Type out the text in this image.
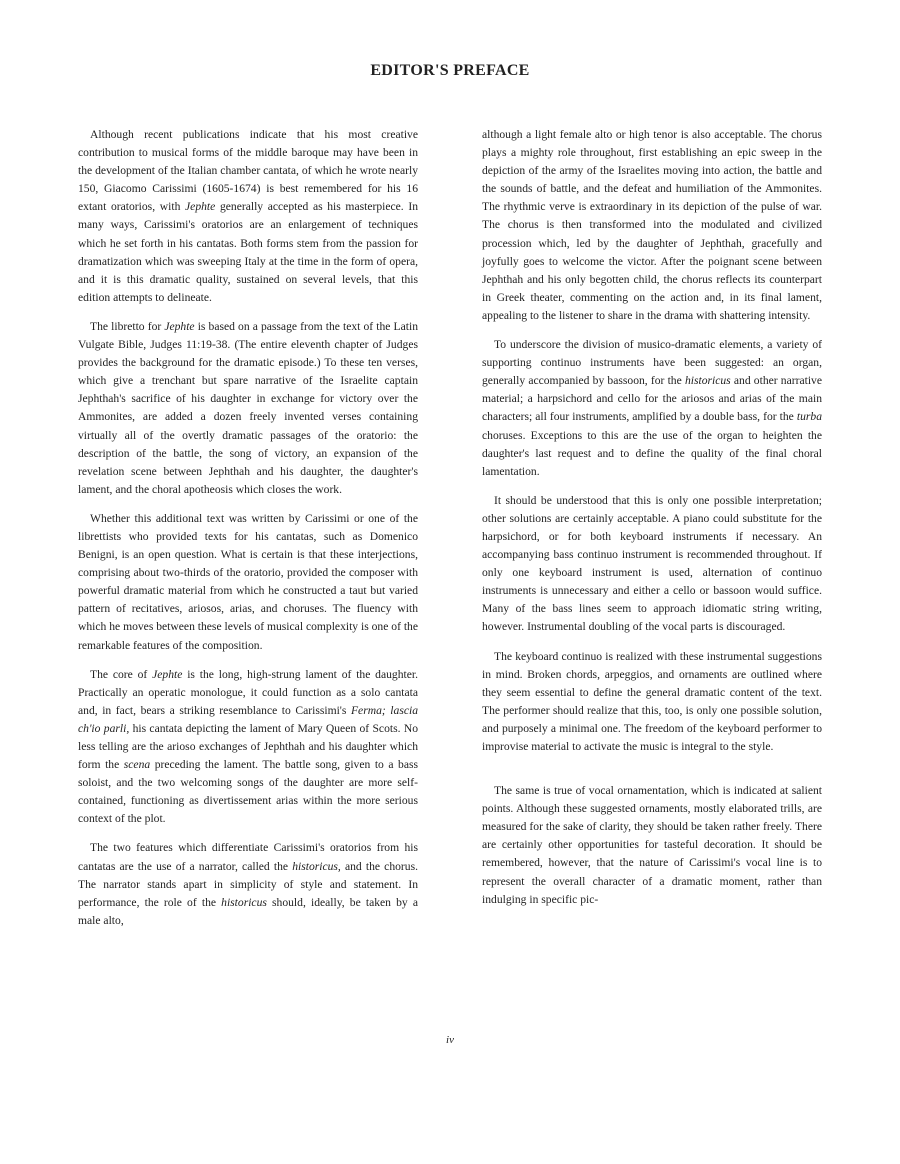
EDITOR'S PREFACE

Although recent publications indicate that his most creative contribution to musical forms of the middle baroque may have been in the development of the Italian chamber cantata, of which he wrote nearly 150, Giacomo Carissimi (1605-1674) is best remembered for his 16 extant oratorios, with Jephte generally accepted as his masterpiece. In many ways, Carissimi's oratorios are an enlargement of techniques which he set forth in his cantatas. Both forms stem from the passion for dramatization which was sweeping Italy at the time in the form of opera, and it is this dramatic quality, sustained on several levels, that this edition attempts to delineate.

The libretto for Jephte is based on a passage from the text of the Latin Vulgate Bible, Judges 11:19-38. (The entire eleventh chapter of Judges provides the background for the dramatic episode.) To these ten verses, which give a trenchant but spare narrative of the Israelite captain Jephthah's sacrifice of his daughter in exchange for victory over the Ammonites, are added a dozen freely invented verses containing virtually all of the overtly dramatic passages of the oratorio: the description of the battle, the song of victory, an expansion of the revelation scene between Jephthah and his daughter, the daughter's lament, and the choral apotheosis which closes the work.

Whether this additional text was written by Carissimi or one of the librettists who provided texts for his cantatas, such as Domenico Benigni, is an open question. What is certain is that these interjections, comprising about two-thirds of the oratorio, provided the composer with powerful dramatic material from which he constructed a taut but varied pattern of recitatives, ariosos, arias, and choruses. The fluency with which he moves between these levels of musical complexity is one of the remarkable features of the composition.

The core of Jephte is the long, high-strung lament of the daughter. Practically an operatic monologue, it could function as a solo cantata and, in fact, bears a striking resemblance to Carissimi's Ferma; lascia ch'io parli, his cantata depicting the lament of Mary Queen of Scots. No less telling are the arioso exchanges of Jephthah and his daughter which form the scena preceding the lament. The battle song, given to a bass soloist, and the two welcoming songs of the daughter are more self-contained, functioning as divertissement arias within the more serious context of the plot.

The two features which differentiate Carissimi's oratorios from his cantatas are the use of a narrator, called the historicus, and the chorus. The narrator stands apart in simplicity of style and statement. In performance, the role of the historicus should, ideally, be taken by a male alto,

although a light female alto or high tenor is also acceptable. The chorus plays a mighty role throughout, first establishing an epic sweep in the depiction of the army of the Israelites moving into action, the battle and the sounds of battle, and the defeat and humiliation of the Ammonites. The rhythmic verve is extraordinary in its depiction of the pulse of war. The chorus is then transformed into the modulated and civilized procession which, led by the daughter of Jephthah, gracefully and joyfully goes to welcome the victor. After the poignant scene between Jephthah and his only begotten child, the chorus reflects its counterpart in Greek theater, commenting on the action and, in its final lament, appealing to the listener to share in the drama with shattering intensity.

To underscore the division of musico-dramatic elements, a variety of supporting continuo instruments have been suggested: an organ, generally accompanied by bassoon, for the historicus and other narrative material; a harpsichord and cello for the ariosos and arias of the main characters; all four instruments, amplified by a double bass, for the turba choruses. Exceptions to this are the use of the organ to heighten the daughter's last request and to define the quality of the final choral lamentation.

It should be understood that this is only one possible interpretation; other solutions are certainly acceptable. A piano could substitute for the harpsichord, or for both keyboard instruments if necessary. An accompanying bass continuo instrument is recommended throughout. If only one keyboard instrument is used, alternation of continuo instruments is unnecessary and either a cello or bassoon would suffice. Many of the bass lines seem to approach idiomatic string writing, however. Instrumental doubling of the vocal parts is discouraged.

The keyboard continuo is realized with these instrumental suggestions in mind. Broken chords, arpeggios, and ornaments are outlined where they seem essential to define the general dramatic content of the text. The performer should realize that this, too, is only one possible solution, and purposely a minimal one. The freedom of the keyboard performer to improvise material to activate the music is integral to the style.

The same is true of vocal ornamentation, which is indicated at salient points. Although these suggested ornaments, mostly elaborated trills, are measured for the sake of clarity, they should be taken rather freely. There are certainly other opportunities for tasteful decoration. It should be remembered, however, that the nature of Carissimi's vocal line is to represent the overall character of a dramatic moment, rather than indulging in specific pic-

iv
